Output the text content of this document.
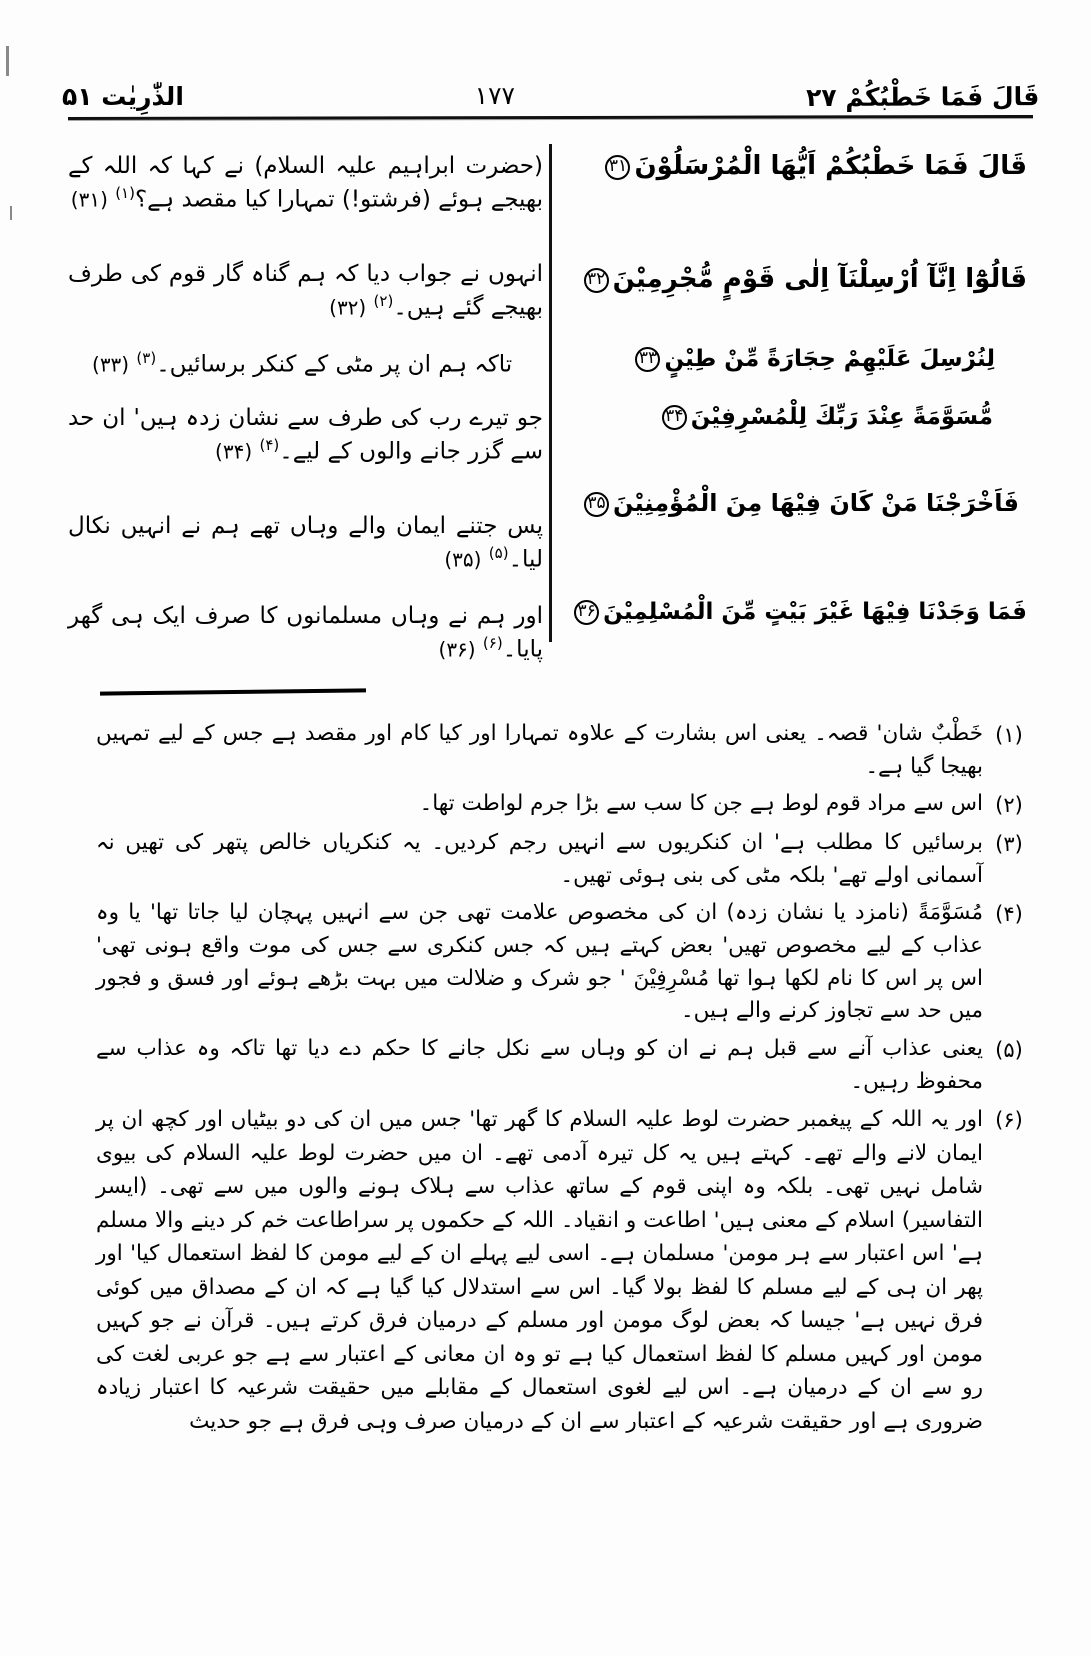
قَالَ فَمَا خَطْبُكُمْ ۲۷
۱۷۷
الذّٰرِيٰت ۵۱
قَالَ فَمَا خَطْبُكُمْ اَيُّهَا الْمُرْسَلُوْنَ۳۱
قَالُوْٓا اِنَّآ اُرْسِلْنَآ اِلٰى قَوْمٍ مُّجْرِمِيْنَ۳۲
لِنُرْسِلَ عَلَيْهِمْ حِجَارَةً مِّنْ طِيْنٍ۳۳
مُّسَوَّمَةً عِنْدَ رَبِّكَ لِلْمُسْرِفِيْنَ۳۴
فَاَخْرَجْنَا مَنْ كَانَ فِيْهَا مِنَ الْمُؤْمِنِيْنَ۳۵
فَمَا وَجَدْنَا فِيْهَا غَيْرَ بَيْتٍ مِّنَ الْمُسْلِمِيْنَ۳۶
(حضرت ابراہیم علیہ السلام) نے کہا کہ اللہ کے بھیجے ہوئے (فرشتو!) تمہارا کیا مقصد ہے؟$^{(۱)}$ (۳۱)
انہوں نے جواب دیا کہ ہم گناہ گار قوم کی طرف بھیجے گئے ہیں۔$^{(۲)}$ (۳۲)
تاکہ ہم ان پر مٹی کے کنکر برسائیں۔$^{(۳)}$ (۳۳)
جو تیرے رب کی طرف سے نشان زدہ ہیں' ان حد سے گزر جانے والوں کے لیے۔$^{(۴)}$ (۳۴)
پس جتنے ایمان والے وہاں تھے ہم نے انہیں نکال لیا۔$^{(۵)}$ (۳۵)
اور ہم نے وہاں مسلمانوں کا صرف ایک ہی گھر پایا۔$^{(۶)}$ (۳۶)
(۱)
خَطْبٌ شان' قصہ۔ یعنی اس بشارت کے علاوہ تمہارا اور کیا کام اور مقصد ہے جس کے لیے تمہیں بھیجا گیا ہے۔
(۲)
اس سے مراد قوم لوط ہے جن کا سب سے بڑا جرم لواطت تھا۔
(۳)
برسائیں کا مطلب ہے' ان کنکریوں سے انہیں رجم کردیں۔ یہ کنکریاں خالص پتھر کی تھیں نہ آسمانی اولے تھے' بلکہ مٹی کی بنی ہوئی تھیں۔
(۴)
مُسَوَّمَةً (نامزد یا نشان زدہ) ان کی مخصوص علامت تھی جن سے انہیں پہچان لیا جاتا تھا' یا وہ عذاب کے لیے مخصوص تھیں' بعض کہتے ہیں کہ جس کنکری سے جس کی موت واقع ہونی تھی' اس پر اس کا نام لکھا ہوا تھا مُسْرِفِیْنَ ' جو شرک و ضلالت میں بہت بڑھے ہوئے اور فسق و فجور میں حد سے تجاوز کرنے والے ہیں۔
(۵)
یعنی عذاب آنے سے قبل ہم نے ان کو وہاں سے نکل جانے کا حکم دے دیا تھا تاکہ وہ عذاب سے محفوظ رہیں۔
(۶)
اور یہ اللہ کے پیغمبر حضرت لوط علیہ السلام کا گھر تھا' جس میں ان کی دو بیٹیاں اور کچھ ان پر ایمان لانے والے تھے۔ کہتے ہیں یہ کل تیرہ آدمی تھے۔ ان میں حضرت لوط علیہ السلام کی بیوی شامل نہیں تھی۔ بلکہ وہ اپنی قوم کے ساتھ عذاب سے ہلاک ہونے والوں میں سے تھی۔ (ایسر التفاسیر) اسلام کے معنی ہیں' اطاعت و انقیاد۔ اللہ کے حکموں پر سراطاعت خم کر دینے والا مسلم ہے' اس اعتبار سے ہر مومن' مسلمان ہے۔ اسی لیے پہلے ان کے لیے مومن کا لفظ استعمال کیا' اور پھر ان ہی کے لیے مسلم کا لفظ بولا گیا۔ اس سے استدلال کیا گیا ہے کہ ان کے مصداق میں کوئی فرق نہیں ہے' جیسا کہ بعض لوگ مومن اور مسلم کے درمیان فرق کرتے ہیں۔ قرآن نے جو کہیں مومن اور کہیں مسلم کا لفظ استعمال کیا ہے تو وہ ان معانی کے اعتبار سے ہے جو عربی لغت کی رو سے ان کے درمیان ہے۔ اس لیے لغوی استعمال کے مقابلے میں حقیقت شرعیہ کا اعتبار زیادہ ضروری ہے اور حقیقت شرعیہ کے اعتبار سے ان کے درمیان صرف وہی فرق ہے جو حدیث
